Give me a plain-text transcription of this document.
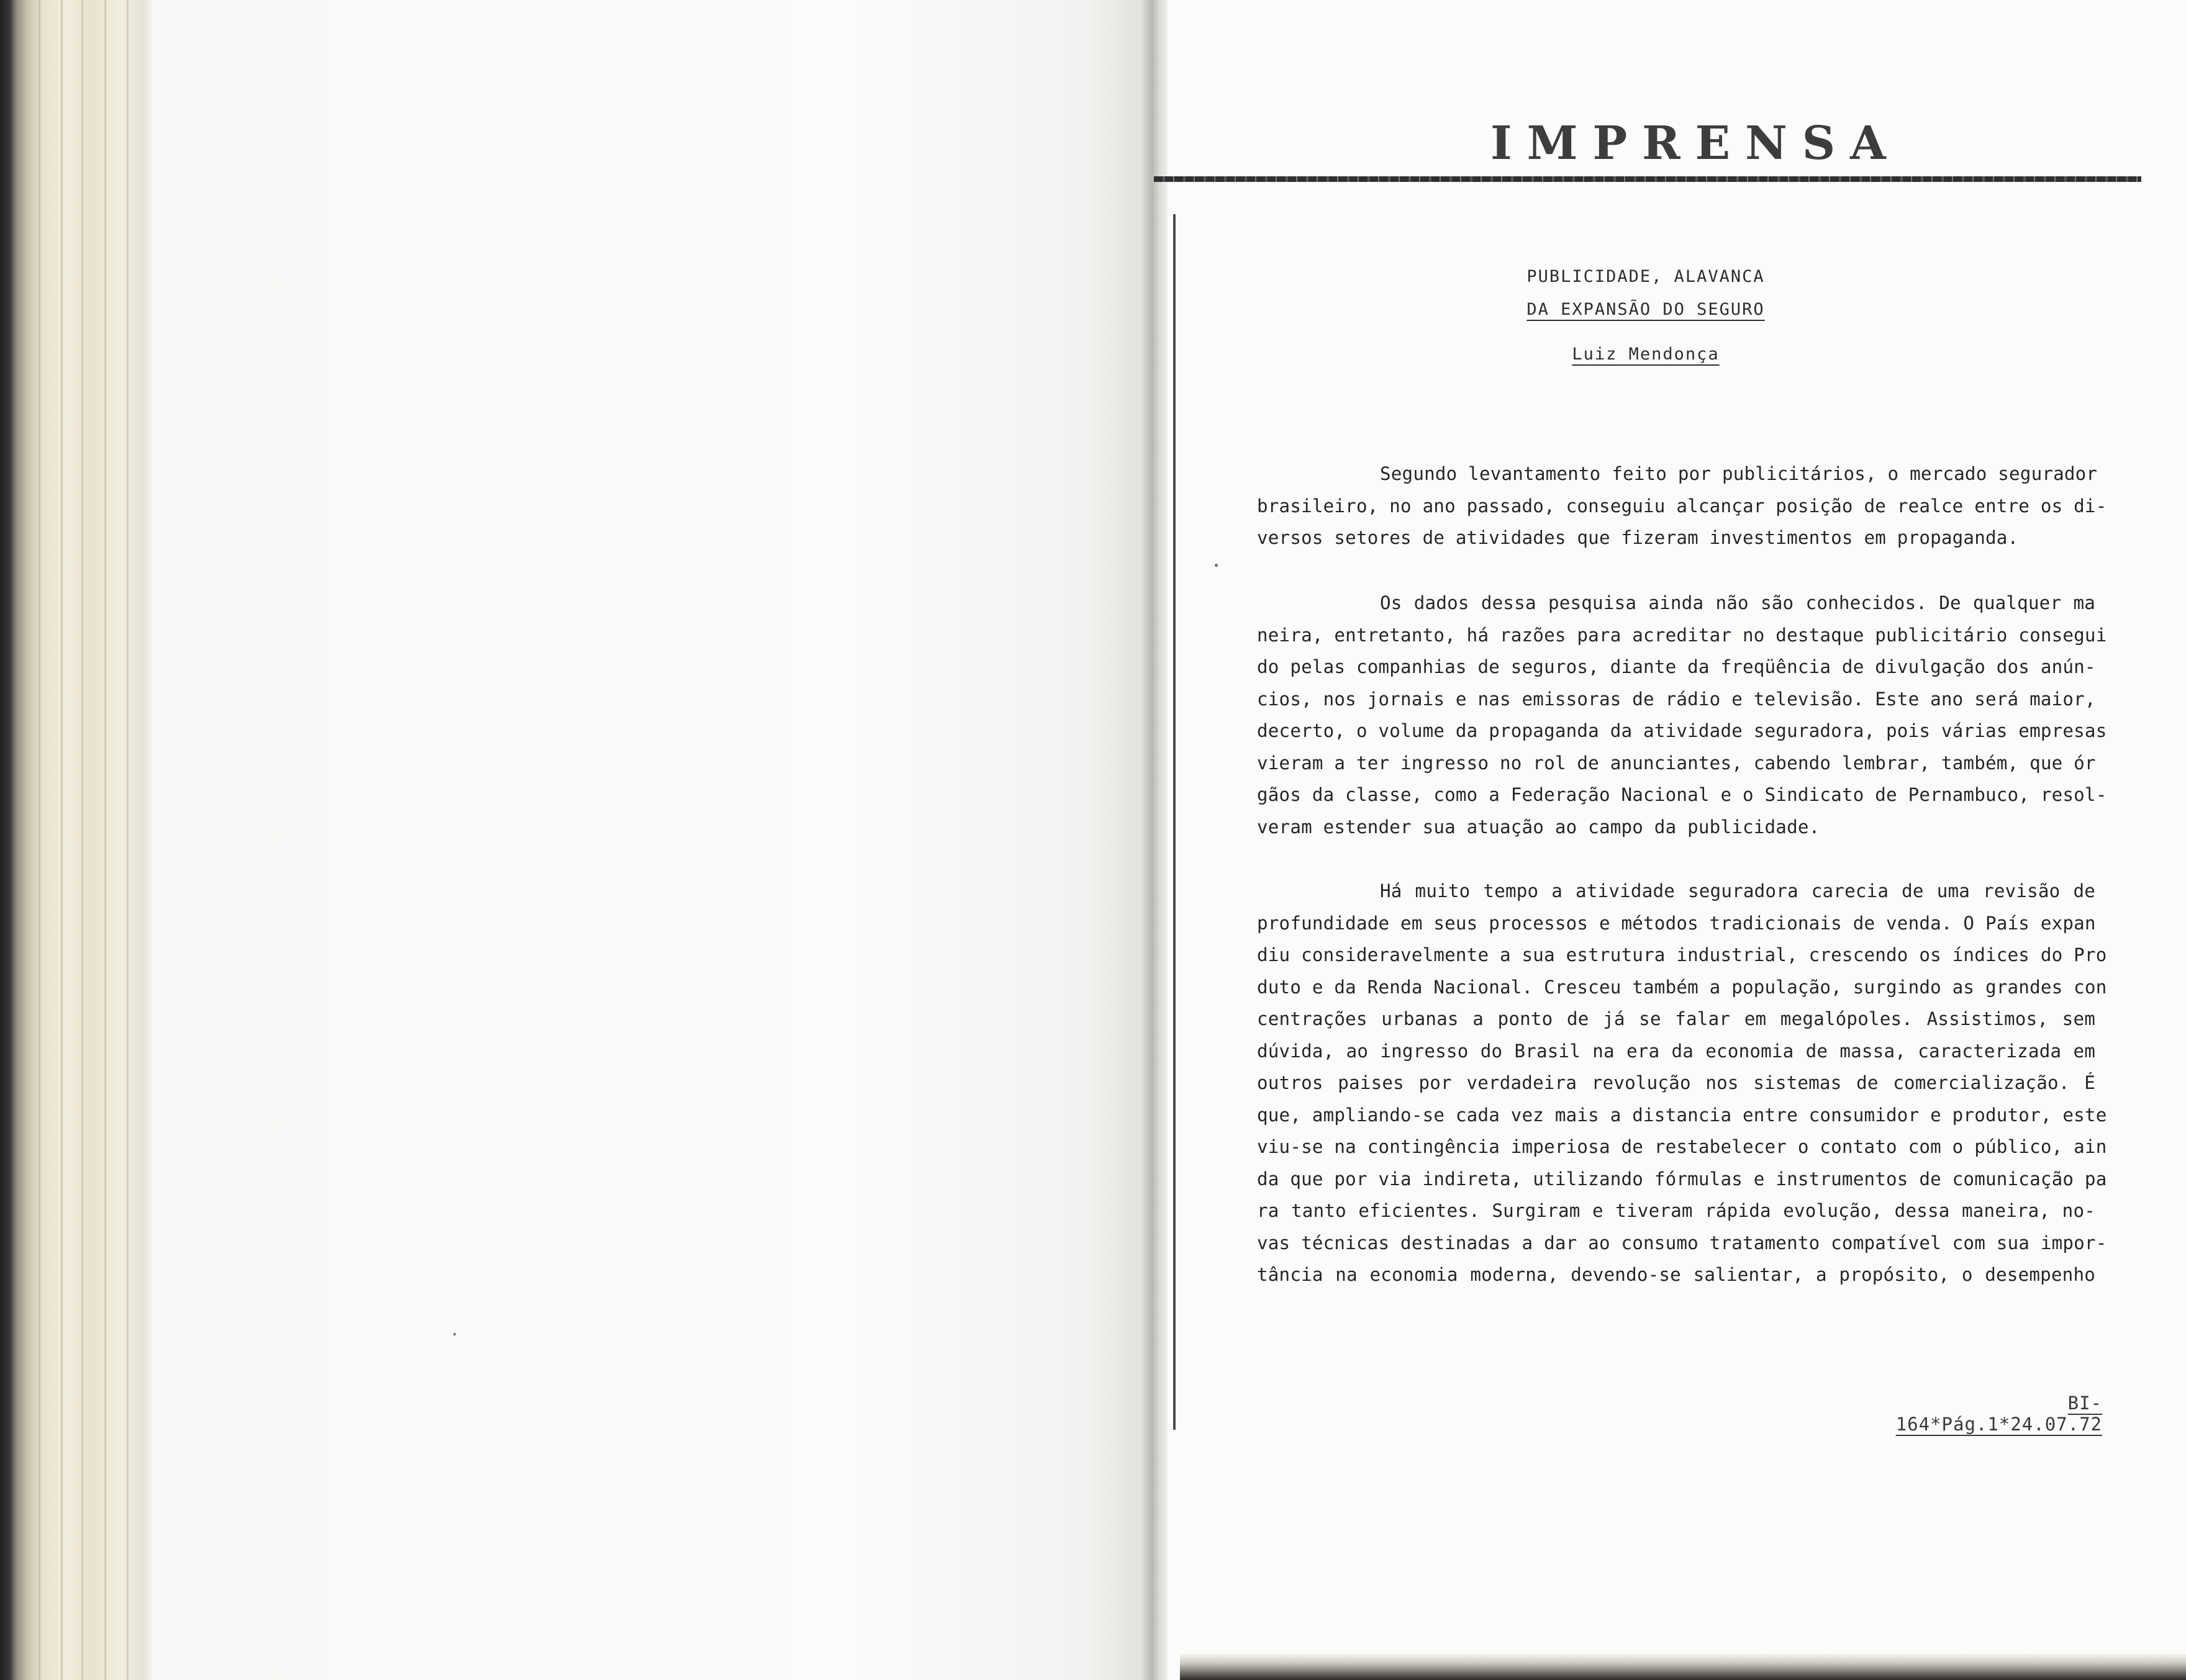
IMPRENSA
PUBLICIDADE, ALAVANCA
DA EXPANSÃO DO SEGURO
Luiz Mendonça
Segundo levantamento feito por publicitários, o mercado segurador
brasileiro, no ano passado, conseguiu alcançar posição de realce entre os di-
versos setores de atividades que fizeram investimentos em propaganda.
Os dados dessa pesquisa ainda não são conhecidos. De qualquer ma
neira, entretanto, há razões para acreditar no destaque publicitário consegui
do pelas companhias de seguros, diante da freqüência de divulgação dos anún-
cios, nos jornais e nas emissoras de rádio e televisão. Este ano será maior,
decerto, o volume da propaganda da atividade seguradora, pois várias empresas
vieram a ter ingresso no rol de anunciantes, cabendo lembrar, também, que ór
gãos da classe, como a Federação Nacional e o Sindicato de Pernambuco, resol-
veram estender sua atuação ao campo da publicidade.
Há muito tempo a atividade seguradora carecia de uma revisão de
profundidade em seus processos e métodos tradicionais de venda. O País expan
diu consideravelmente a sua estrutura industrial, crescendo os índices do Pro
duto e da Renda Nacional. Cresceu também a população, surgindo as grandes con
centrações urbanas a ponto de já se falar em megalópoles. Assistimos, sem
dúvida, ao ingresso do Brasil na era da economia de massa, caracterizada em
outros paises por verdadeira revolução nos sistemas de comercialização. É
que, ampliando-se cada vez mais a distancia entre consumidor e produtor, este
viu-se na contingência imperiosa de restabelecer o contato com o público, ain
da que por via indireta, utilizando fórmulas e instrumentos de comunicação pa
ra tanto eficientes. Surgiram e tiveram rápida evolução, dessa maneira, no-
vas técnicas destinadas a dar ao consumo tratamento compatível com sua impor-
tância na economia moderna, devendo-se salientar, a propósito, o desempenho
BI-164*Pág.1*24.07.72
